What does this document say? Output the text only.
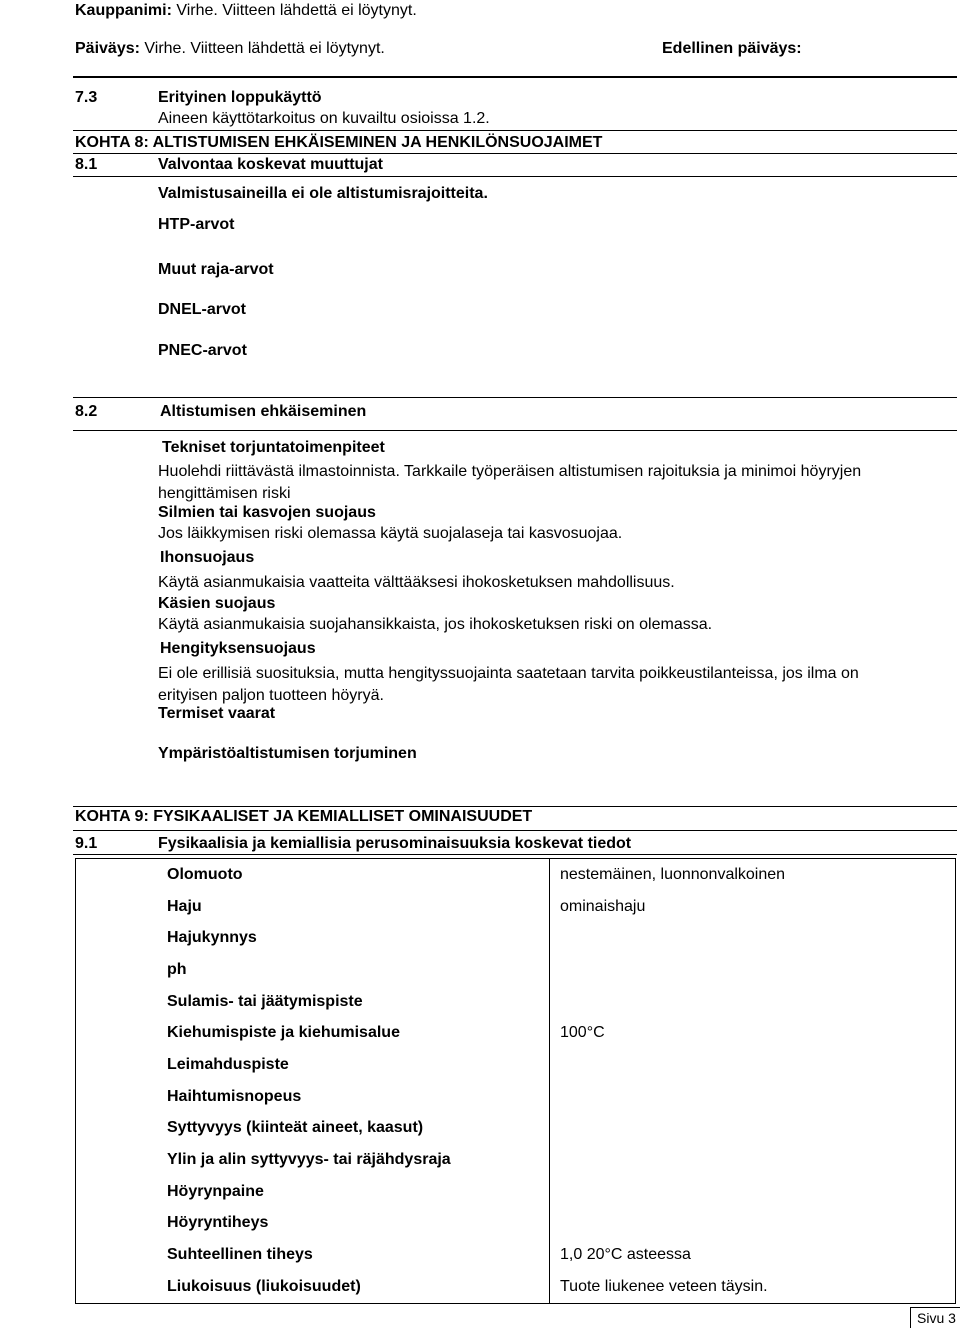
Kauppanimi: Virhe. Viitteen lähdettä ei löytynyt.
Päiväys: Virhe. Viitteen lähdettä ei löytynyt.	Edellinen päiväys:
7.3	Erityinen loppukäyttö
Aineen käyttötarkoitus on kuvailtu osioissa 1.2.
KOHTA 8: ALTISTUMISEN EHKÄISEMINEN JA HENKILÖNSUOJAIMET
8.1	Valvontaa koskevat muuttujat
Valmistusaineilla ei ole altistumisrajoitteita.
HTP-arvot
Muut raja-arvot
DNEL-arvot
PNEC-arvot
8.2	Altistumisen ehkäiseminen
Tekniset torjuntatoimenpiteet
Huolehdi riittävästä ilmastoinnista. Tarkkaile työperäisen altistumisen rajoituksia ja minimoi höyryjen hengittämisen riski
Silmien tai kasvojen suojaus
Jos läikkymisen riski olemassa käytä suojalaseja tai kasvosuojaa.
Ihonsuojaus
Käytä asianmukaisia vaatteita välttääksesi ihokosketuksen mahdollisuus.
Käsien suojaus
Käytä asianmukaisia suojahansikkaista, jos ihokosketuksen riski on olemassa.
Hengityksensuojaus
Ei ole erillisiä suosituksia, mutta hengityssuojainta saatetaan tarvita poikkeustilanteissa, jos ilma on erityisen paljon tuotteen höyryä.
Termiset vaarat
Ympäristöaltistumisen torjuminen
KOHTA 9: FYSIKAALISET JA KEMIALLISET OMINAISUUDET
9.1	Fysikaalisia ja kemiallisia perusominaisuuksia koskevat tiedot
Olomuoto	nestemäinen, luonnonvalkoinen
Haju	ominaishaju
Hajukynnys	
ph	
Sulamis- tai jäätymispiste	
Kiehumispiste ja kiehumisalue	100°C
Leimahduspiste	
Haihtumisnopeus	
Syttyvyys (kiinteät aineet, kaasut)	
Ylin ja alin syttyvyys- tai räjähdysraja	
Höyrynpaine	
Höyryntiheys	
Suhteellinen tiheys	1,0 20°C asteessa
Liukoisuus (liukoisuudet)	Tuote liukenee veteen täysin.
Sivu 3
